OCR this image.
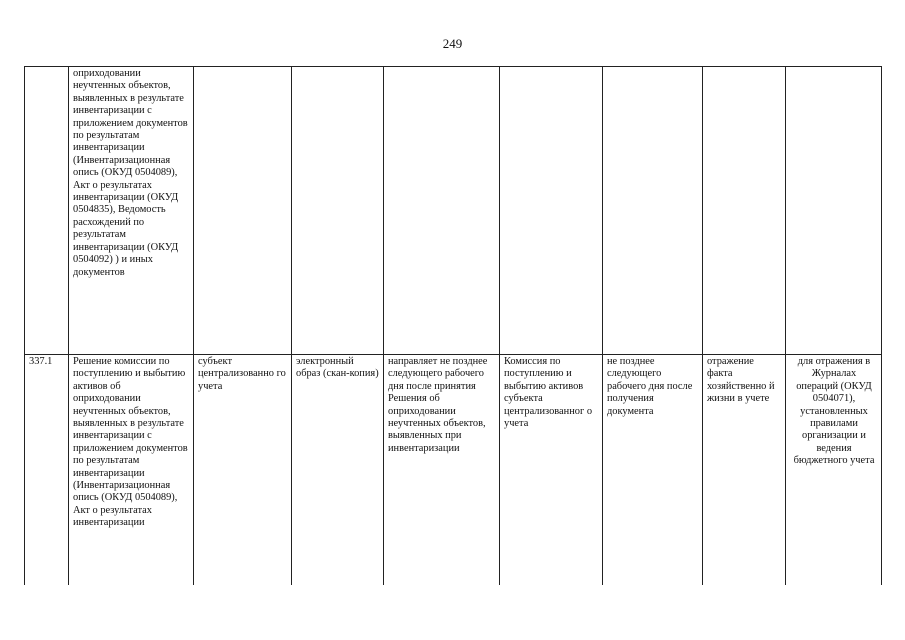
249
	оприходовании неучтенных объектов, выявленных в результате инвентаризации с приложением документов по результатам инвентаризации (Инвентаризационная опись (ОКУД 0504089), Акт о результатах инвентаризации (ОКУД 0504835), Ведомость расхождений по результатам инвентаризации (ОКУД 0504092) ) и иных документов							
337.1	Решение комиссии по поступлению и выбытию активов об оприходовании неучтенных объектов, выявленных в результате инвентаризации с приложением документов по результатам инвентаризации (Инвентаризационная опись (ОКУД 0504089), Акт о результатах инвентаризации	субъект централизованно го учета	электронный образ (скан-копия)	направляет не позднее следующего рабочего дня после принятия Решения об оприходовании неучтенных объектов, выявленных при инвентаризации	Комиссия по поступлению и выбытию активов субъекта централизованног о учета	не позднее следующего рабочего дня после получения документа	отражение факта хозяйственно й жизни в учете	для отражения в Журналах операций (ОКУД 0504071), установленных правилами организации и ведения бюджетного учета
